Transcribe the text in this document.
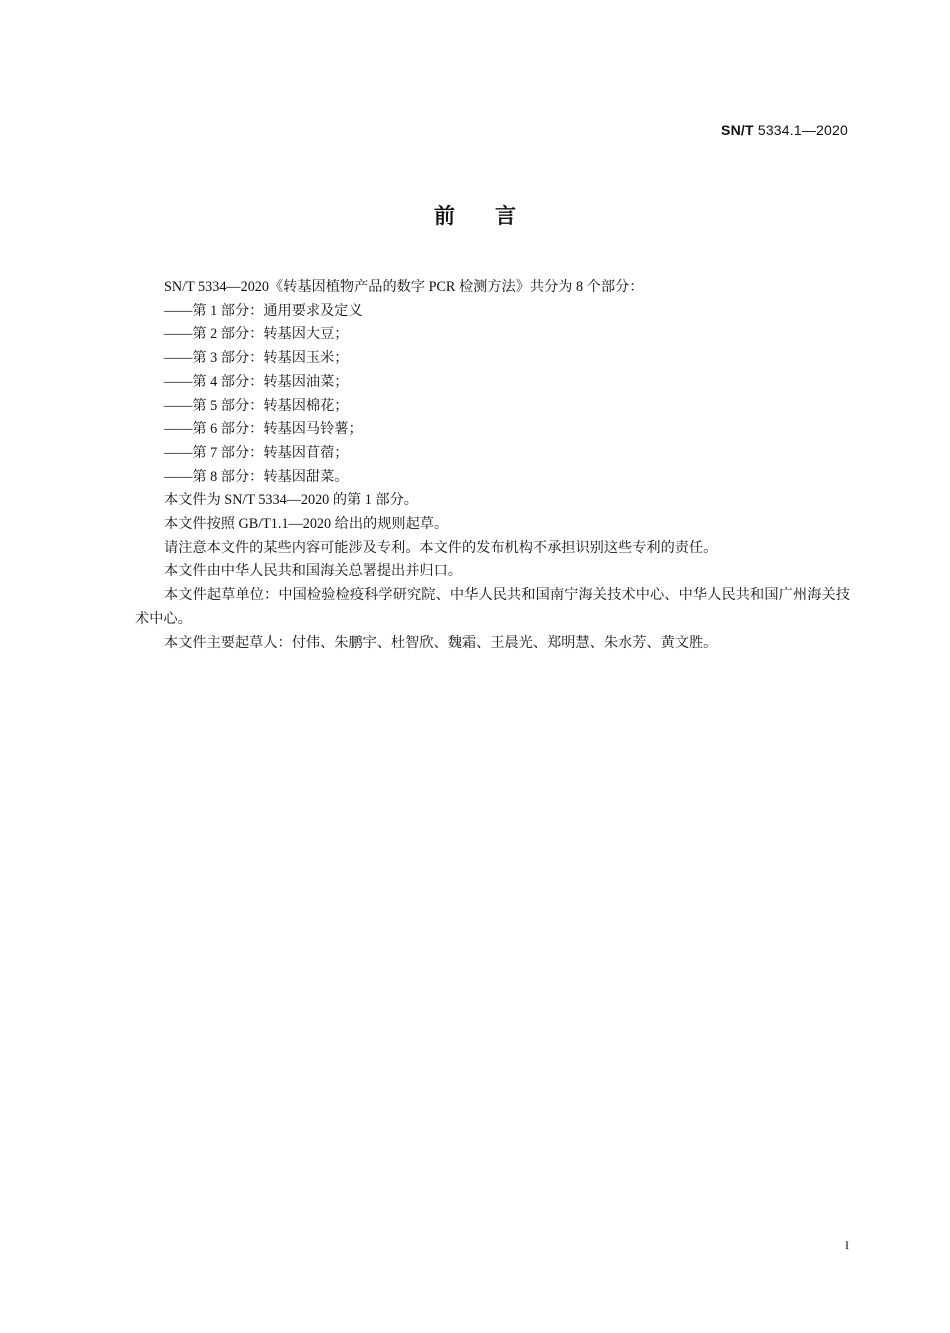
SN/T 5334.1—2020
前言

SN/T 5334—2020《转基因植物产品的数字 PCR 检测方法》共分为 8 个部分：

——第 1 部分：通用要求及定义

——第 2 部分：转基因大豆；

——第 3 部分：转基因玉米；

——第 4 部分：转基因油菜；

——第 5 部分：转基因棉花；

——第 6 部分：转基因马铃薯；

——第 7 部分：转基因苜蓿；

——第 8 部分：转基因甜菜。

本文件为 SN/T 5334—2020 的第 1 部分。

本文件按照 GB/T1.1—2020 给出的规则起草。

请注意本文件的某些内容可能涉及专利。本文件的发布机构不承担识别这些专利的责任。

本文件由中华人民共和国海关总署提出并归口。

本文件起草单位：中国检验检疫科学研究院、中华人民共和国南宁海关技术中心、中华人民共和国广州海关技术中心。

本文件主要起草人：付伟、朱鹏宇、杜智欣、魏霜、王晨光、郑明慧、朱水芳、黄文胜。

I
